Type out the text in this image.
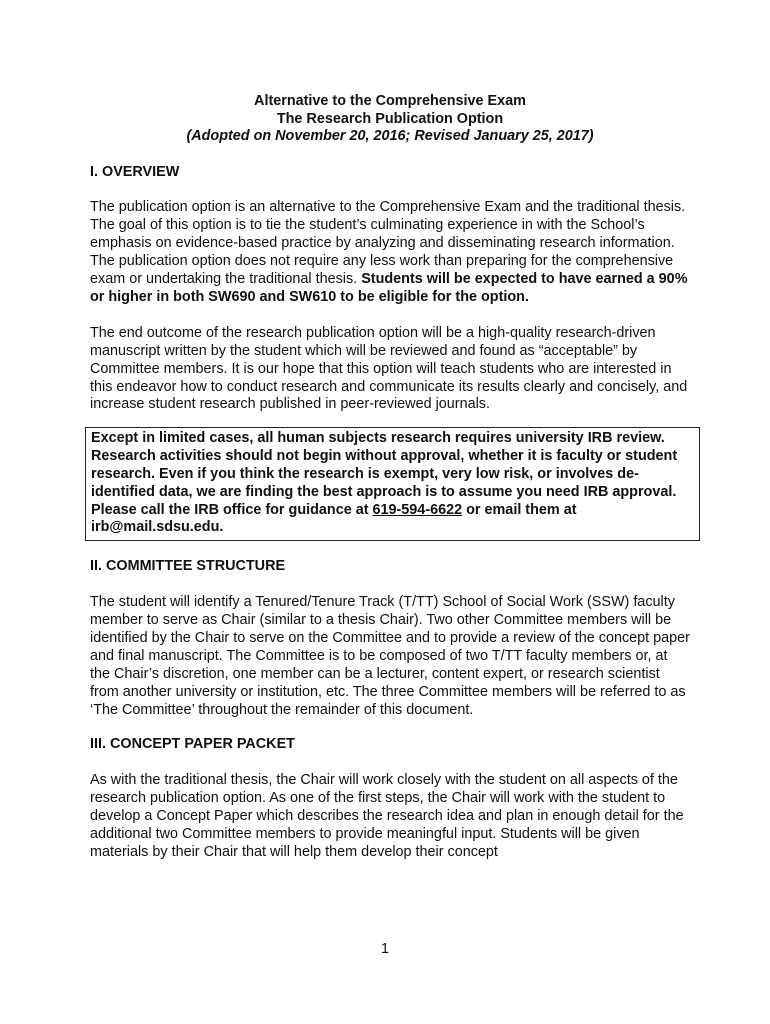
Alternative to the Comprehensive Exam
The Research Publication Option
(Adopted on November 20, 2016; Revised January 25, 2017)
I. OVERVIEW

The publication option is an alternative to the Comprehensive Exam and the traditional thesis. The goal of this option is to tie the student’s culminating experience in with the School’s emphasis on evidence-based practice by analyzing and disseminating research information. The publication option does not require any less work than preparing for the comprehensive exam or undertaking the traditional thesis. Students will be expected to have earned a 90% or higher in both SW690 and SW610 to be eligible for the option.

The end outcome of the research publication option will be a high-quality research-driven manuscript written by the student which will be reviewed and found as “acceptable” by Committee members. It is our hope that this option will teach students who are interested in this endeavor how to conduct research and communicate its results clearly and concisely, and increase student research published in peer-reviewed journals.

Except in limited cases, all human subjects research requires university IRB review. Research activities should not begin without approval, whether it is faculty or student research. Even if you think the research is exempt, very low risk, or involves de-identified data, we are finding the best approach is to assume you need IRB approval. Please call the IRB office for guidance at 619-594-6622 or email them at irb@mail.sdsu.edu.
II. COMMITTEE STRUCTURE

The student will identify a Tenured/Tenure Track (T/TT) School of Social Work (SSW) faculty member to serve as Chair (similar to a thesis Chair). Two other Committee members will be identified by the Chair to serve on the Committee and to provide a review of the concept paper and final manuscript. The Committee is to be composed of two T/TT faculty members or, at the Chair’s discretion, one member can be a lecturer, content expert, or research scientist from another university or institution, etc. The three Committee members will be referred to as ‘The Committee’ throughout the remainder of this document.

III. CONCEPT PAPER PACKET

As with the traditional thesis, the Chair will work closely with the student on all aspects of the research publication option. As one of the first steps, the Chair will work with the student to develop a Concept Paper which describes the research idea and plan in enough detail for the additional two Committee members to provide meaningful input. Students will be given materials by their Chair that will help them develop their concept

1
